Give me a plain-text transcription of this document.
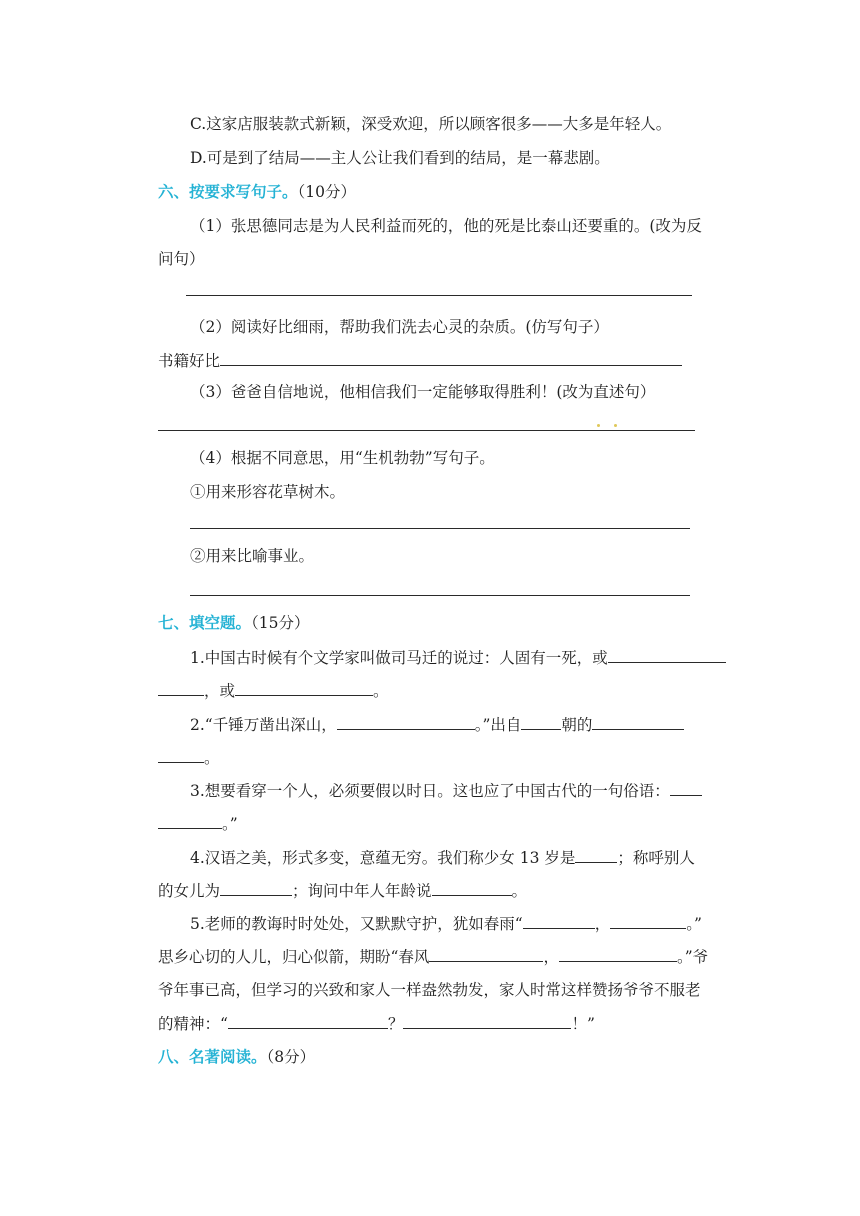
C.这家店服装款式新颖，深受欢迎，所以顾客很多——大多是年轻人。
D.可是到了结局——主人公让我们看到的结局，是一幕悲剧。
六、按要求写句子。（10分）
（1）张思德同志是为人民利益而死的，他的死是比泰山还要重的。(改为反
问句）
（2）阅读好比细雨，帮助我们洗去心灵的杂质。(仿写句子）
书籍好比
（3）爸爸自信地说，他相信我们一定能够取得胜利！(改为直述句）
（4）根据不同意思，用“生机勃勃”写句子。
①用来形容花草树木。
②用来比喻事业。
七、填空题。（15分）
1.中国古时候有个文学家叫做司马迁的说过：人固有一死，或
，或	。
2.“千锤万凿出深山，	。”出自	朝的
。
3.想要看穿一个人，必须要假以时日。这也应了中国古代的一句俗语：
。”
4.汉语之美，形式多变，意蕴无穷。我们称少女 13 岁是	；称呼别人
的女儿为	；询问中年人年龄说	。
5.老师的教诲时时处处，又默默守护，犹如春雨“	，	。”
思乡心切的人儿，归心似箭，期盼“春风	，	。”爷
爷年事已高，但学习的兴致和家人一样盎然勃发，家人时常这样赞扬爷爷不服老
的精神：“	？	！”
八、名著阅读。（8分）
